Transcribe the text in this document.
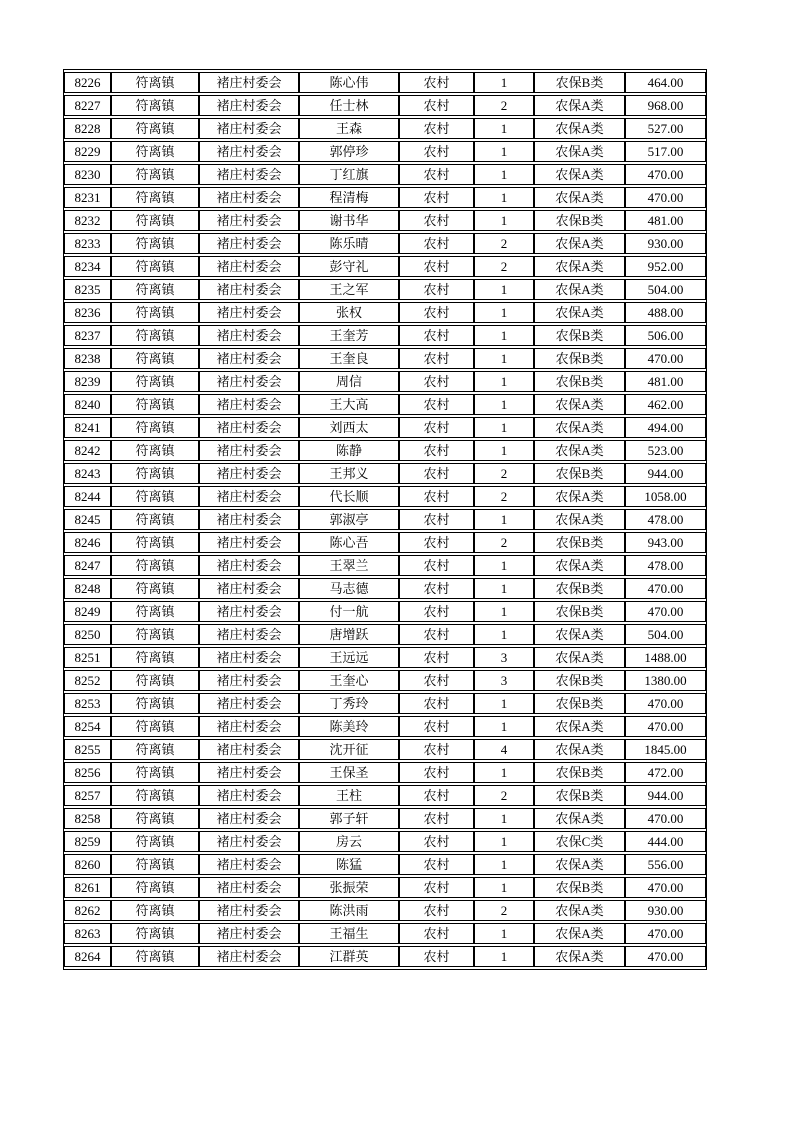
8226	符离镇	褚庄村委会	陈心伟	农村	1	农保B类	464.00
8227	符离镇	褚庄村委会	任士林	农村	2	农保A类	968.00
8228	符离镇	褚庄村委会	王森	农村	1	农保A类	527.00
8229	符离镇	褚庄村委会	郭停珍	农村	1	农保A类	517.00
8230	符离镇	褚庄村委会	丁红旗	农村	1	农保A类	470.00
8231	符离镇	褚庄村委会	程清梅	农村	1	农保A类	470.00
8232	符离镇	褚庄村委会	谢书华	农村	1	农保B类	481.00
8233	符离镇	褚庄村委会	陈乐晴	农村	2	农保A类	930.00
8234	符离镇	褚庄村委会	彭守礼	农村	2	农保A类	952.00
8235	符离镇	褚庄村委会	王之军	农村	1	农保A类	504.00
8236	符离镇	褚庄村委会	张权	农村	1	农保A类	488.00
8237	符离镇	褚庄村委会	王奎芳	农村	1	农保B类	506.00
8238	符离镇	褚庄村委会	王奎良	农村	1	农保B类	470.00
8239	符离镇	褚庄村委会	周信	农村	1	农保B类	481.00
8240	符离镇	褚庄村委会	王大高	农村	1	农保A类	462.00
8241	符离镇	褚庄村委会	刘西太	农村	1	农保A类	494.00
8242	符离镇	褚庄村委会	陈静	农村	1	农保A类	523.00
8243	符离镇	褚庄村委会	王邦义	农村	2	农保B类	944.00
8244	符离镇	褚庄村委会	代长顺	农村	2	农保A类	1058.00
8245	符离镇	褚庄村委会	郭淑亭	农村	1	农保A类	478.00
8246	符离镇	褚庄村委会	陈心吾	农村	2	农保B类	943.00
8247	符离镇	褚庄村委会	王翠兰	农村	1	农保A类	478.00
8248	符离镇	褚庄村委会	马志德	农村	1	农保B类	470.00
8249	符离镇	褚庄村委会	付一航	农村	1	农保B类	470.00
8250	符离镇	褚庄村委会	唐增跃	农村	1	农保A类	504.00
8251	符离镇	褚庄村委会	王远远	农村	3	农保A类	1488.00
8252	符离镇	褚庄村委会	王奎心	农村	3	农保B类	1380.00
8253	符离镇	褚庄村委会	丁秀玲	农村	1	农保B类	470.00
8254	符离镇	褚庄村委会	陈美玲	农村	1	农保A类	470.00
8255	符离镇	褚庄村委会	沈开征	农村	4	农保A类	1845.00
8256	符离镇	褚庄村委会	王保圣	农村	1	农保B类	472.00
8257	符离镇	褚庄村委会	王柱	农村	2	农保B类	944.00
8258	符离镇	褚庄村委会	郭子轩	农村	1	农保A类	470.00
8259	符离镇	褚庄村委会	房云	农村	1	农保C类	444.00
8260	符离镇	褚庄村委会	陈猛	农村	1	农保A类	556.00
8261	符离镇	褚庄村委会	张振荣	农村	1	农保B类	470.00
8262	符离镇	褚庄村委会	陈洪雨	农村	2	农保A类	930.00
8263	符离镇	褚庄村委会	王福生	农村	1	农保A类	470.00
8264	符离镇	褚庄村委会	江群英	农村	1	农保A类	470.00
